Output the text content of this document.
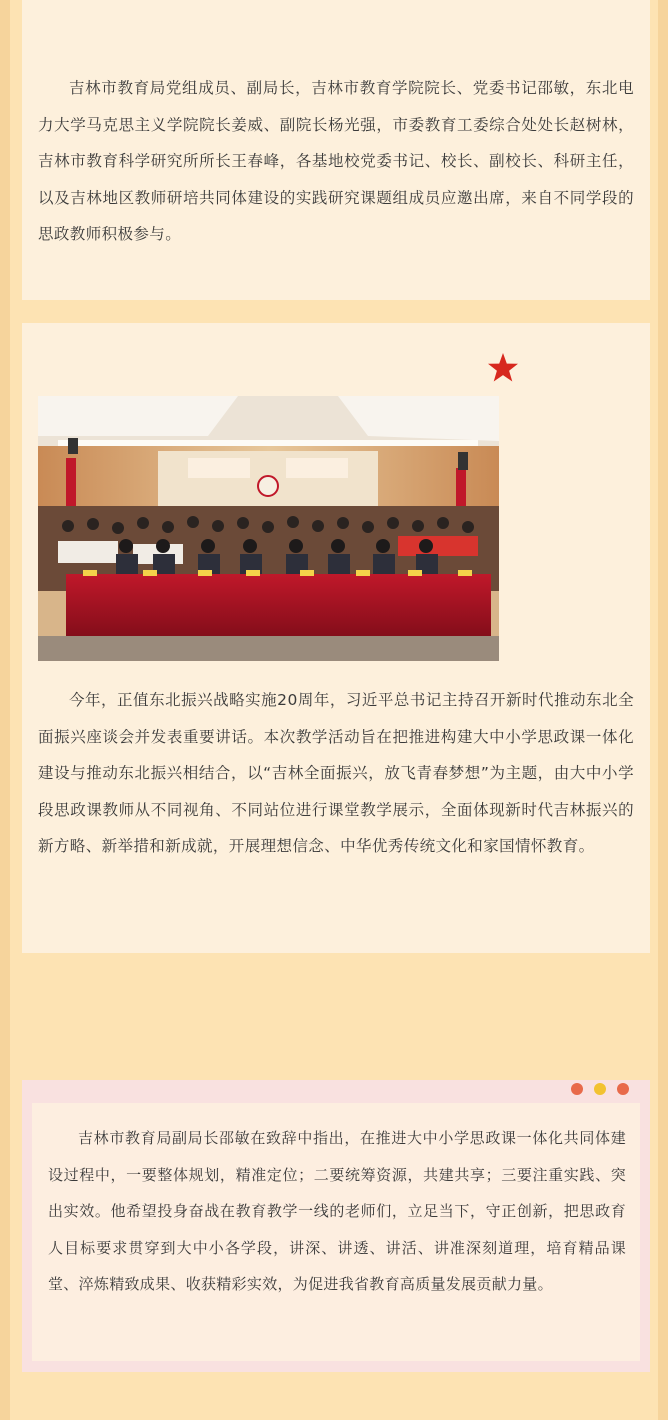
吉林市教育局党组成员、副局长，吉林市教育学院院长、党委书记邵敏，东北电力大学马克思主义学院院长姜威、副院长杨光强，市委教育工委综合处处长赵树林，吉林市教育科学研究所所长王春峰，各基地校党委书记、校长、副校长、科研主任，以及吉林地区教师研培共同体建设的实践研究课题组成员应邀出席，来自不同学段的思政教师积极参与。

今年，正值东北振兴战略实施20周年，习近平总书记主持召开新时代推动东北全面振兴座谈会并发表重要讲话。本次教学活动旨在把推进构建大中小学思政课一体化建设与推动东北振兴相结合，以“吉林全面振兴，放飞青春梦想”为主题，由大中小学段思政课教师从不同视角、不同站位进行课堂教学展示，全面体现新时代吉林振兴的新方略、新举措和新成就，开展理想信念、中华优秀传统文化和家国情怀教育。

吉林市教育局副局长邵敏在致辞中指出，在推进大中小学思政课一体化共同体建设过程中，一要整体规划，精准定位；二要统筹资源，共建共享；三要注重实践、突出实效。他希望投身奋战在教育教学一线的老师们，立足当下，守正创新，把思政育人目标要求贯穿到大中小各学段，讲深、讲透、讲活、讲准深刻道理，培育精品课堂、淬炼精致成果、收获精彩实效，为促进我省教育高质量发展贡献力量。
